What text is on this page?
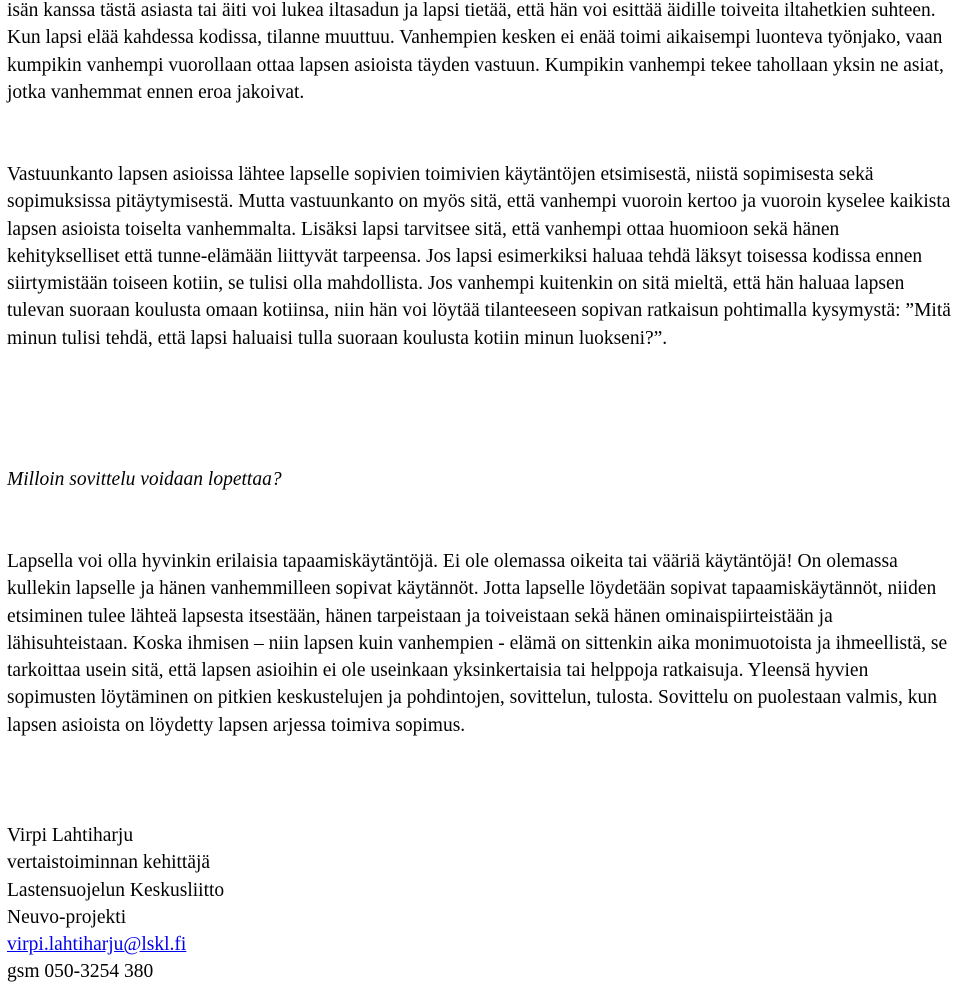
isän kanssa tästä asiasta tai äiti voi lukea iltasadun ja lapsi tietää, että hän voi esittää äidille toiveita iltahetkien suhteen. Kun lapsi elää kahdessa kodissa, tilanne muuttuu. Vanhempien kesken ei enää toimi aikaisempi luonteva työnjako, vaan kumpikin vanhempi vuorollaan ottaa lapsen asioista täyden vastuun. Kumpikin vanhempi tekee tahollaan yksin ne asiat, jotka vanhemmat ennen eroa jakoivat.

Vastuunkanto lapsen asioissa lähtee lapselle sopivien toimivien käytäntöjen etsimisestä, niistä sopimisesta sekä sopimuksissa pitäytymisestä. Mutta vastuunkanto on myös sitä, että vanhempi vuoroin kertoo ja vuoroin kyselee kaikista lapsen asioista toiselta vanhemmalta. Lisäksi lapsi tarvitsee sitä, että vanhempi ottaa huomioon sekä hänen kehitykselliset että tunne-elämään liittyvät tarpeensa. Jos lapsi esimerkiksi haluaa tehdä läksyt toisessa kodissa ennen siirtymistään toiseen kotiin, se tulisi olla mahdollista. Jos vanhempi kuitenkin on sitä mieltä, että hän haluaa lapsen tulevan suoraan koulusta omaan kotiinsa, niin hän voi löytää tilanteeseen sopivan ratkaisun pohtimalla kysymystä: ”Mitä minun tulisi tehdä, että lapsi haluaisi tulla suoraan koulusta kotiin minun luokseni?”.

Milloin sovittelu voidaan lopettaa?

Lapsella voi olla hyvinkin erilaisia tapaamiskäytäntöjä. Ei ole olemassa oikeita tai vääriä käytäntöjä! On olemassa kullekin lapselle ja hänen vanhemmilleen sopivat käytännöt. Jotta lapselle löydetään sopivat tapaamiskäytännöt, niiden etsiminen tulee lähteä lapsesta itsestään, hänen tarpeistaan ja toiveistaan sekä hänen ominaispiirteistään ja lähisuhteistaan. Koska ihmisen – niin lapsen kuin vanhempien - elämä on sittenkin aika monimuotoista ja ihmeellistä, se tarkoittaa usein sitä, että lapsen asioihin ei ole useinkaan yksinkertaisia tai helppoja ratkaisuja. Yleensä hyvien sopimusten löytäminen on pitkien keskustelujen ja pohdintojen, sovittelun, tulosta. Sovittelu on puolestaan valmis, kun lapsen asioista on löydetty lapsen arjessa toimiva sopimus.

Virpi Lahtiharju
vertaistoiminnan kehittäjä
Lastensuojelun Keskusliitto
Neuvo-projekti
virpi.lahtiharju@lskl.fi
gsm 050-3254 380
